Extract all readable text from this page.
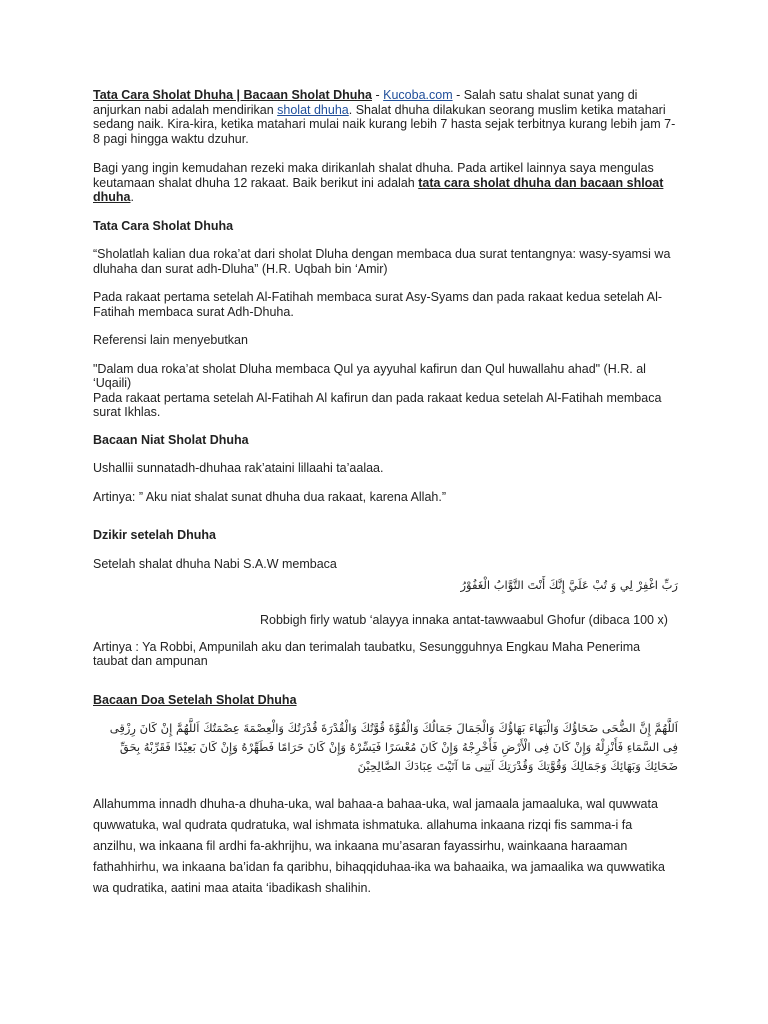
Tata Cara Sholat Dhuha | Bacaan Sholat Dhuha - Kucoba.com - Salah satu shalat sunat yang di anjurkan nabi adalah mendirikan sholat dhuha. Shalat dhuha dilakukan seorang muslim ketika matahari sedang naik. Kira-kira, ketika matahari mulai naik kurang lebih 7 hasta sejak terbitnya kurang lebih jam 7-8 pagi hingga waktu dzuhur.

Bagi yang ingin kemudahan rezeki maka dirikanlah shalat dhuha. Pada artikel lainnya saya mengulas keutamaan shalat dhuha 12 rakaat. Baik berikut ini adalah tata cara sholat dhuha dan bacaan shloat dhuha.

Tata Cara Sholat Dhuha

“Sholatlah kalian dua roka’at dari sholat Dluha dengan membaca dua surat tentangnya: wasy-syamsi wa dluhaha dan surat adh-Dluha” (H.R. Uqbah bin ‘Amir)

Pada rakaat pertama setelah Al-Fatihah membaca surat Asy-Syams dan pada rakaat kedua setelah Al-Fatihah membaca surat Adh-Dhuha.

Referensi lain menyebutkan

"Dalam dua roka’at sholat Dluha membaca Qul ya ayyuhal kafirun dan Qul huwallahu ahad" (H.R. al ‘Uqaili)

Pada rakaat pertama setelah Al-Fatihah Al kafirun dan pada rakaat kedua setelah Al-Fatihah membaca surat Ikhlas.

Bacaan Niat Sholat Dhuha

Ushallii sunnatadh-dhuhaa rak’ataini lillaahi ta’aalaa.

Artinya: ” Aku niat shalat sunat dhuha dua rakaat, karena Allah.”

Dzikir setelah Dhuha

Setelah shalat dhuha Nabi S.A.W membaca

رَبِّ اغْفِرْ لِي وَ تُبْ عَلَيَّ إِنَّكَ أَنْتَ التَّوَّابُ الْغَفُوْرُ

Robbigh firly watub ‘alayya innaka antat-tawwaabul Ghofur (dibaca 100 x)

Artinya : Ya Robbi, Ampunilah aku dan terimalah taubatku, Sesungguhnya Engkau Maha Penerima taubat dan ampunan

Bacaan Doa Setelah Sholat Dhuha

اَللَّهُمَّ إِنَّ الضُّحَى ضَحَاؤُكَ وَالْبَهَاءَ بَهَاؤُكَ وَالْجَمَالَ جَمَالُكَ وَالْقُوَّةَ قُوَّتُكَ وَالْقُدْرَةَ قُدْرَتُكَ وَالْعِصْمَةَ عِصْمَتُكَ اَللَّهُمَّ إِنْ كَانَ رِزْقِى فِى السَّمَاءِ فَأَنْزِلْهُ وَإِنْ كَانَ فِى الْأَرْضِ فَأَخْرِجْهُ وَإِنْ كَانَ مُعْسَرًا فَيَسِّرْهُ وَإِنْ كَانَ حَرَامًا فَطَهِّرْهُ وَإِنْ كَانَ بَعِيْدًا فَقَرِّبْهُ بِحَقِّ ضَحَائِكَ وَبَهَائِكَ وَجَمَالِكَ وَقُوَّتِكَ وَقُدْرَتِكَ آتِنِى مَا آتَيْتَ عِبَادَكَ الصَّالِحِيْنَ

Allahumma innadh dhuha-a dhuha-uka, wal bahaa-a bahaa-uka, wal jamaala jamaaluka, wal quwwata quwwatuka, wal qudrata qudratuka, wal ishmata ishmatuka. allahuma inkaana rizqi fis samma-i fa anzilhu, wa inkaana fil ardhi fa-akhrijhu, wa inkaana mu’asaran fayassirhu, wainkaana haraaman fathahhirhu, wa inkaana ba’idan fa qaribhu, bihaqqiduhaa-ika wa bahaaika, wa jamaalika wa quwwatika wa qudratika, aatini maa ataita ‘ibadikash shalihin.
